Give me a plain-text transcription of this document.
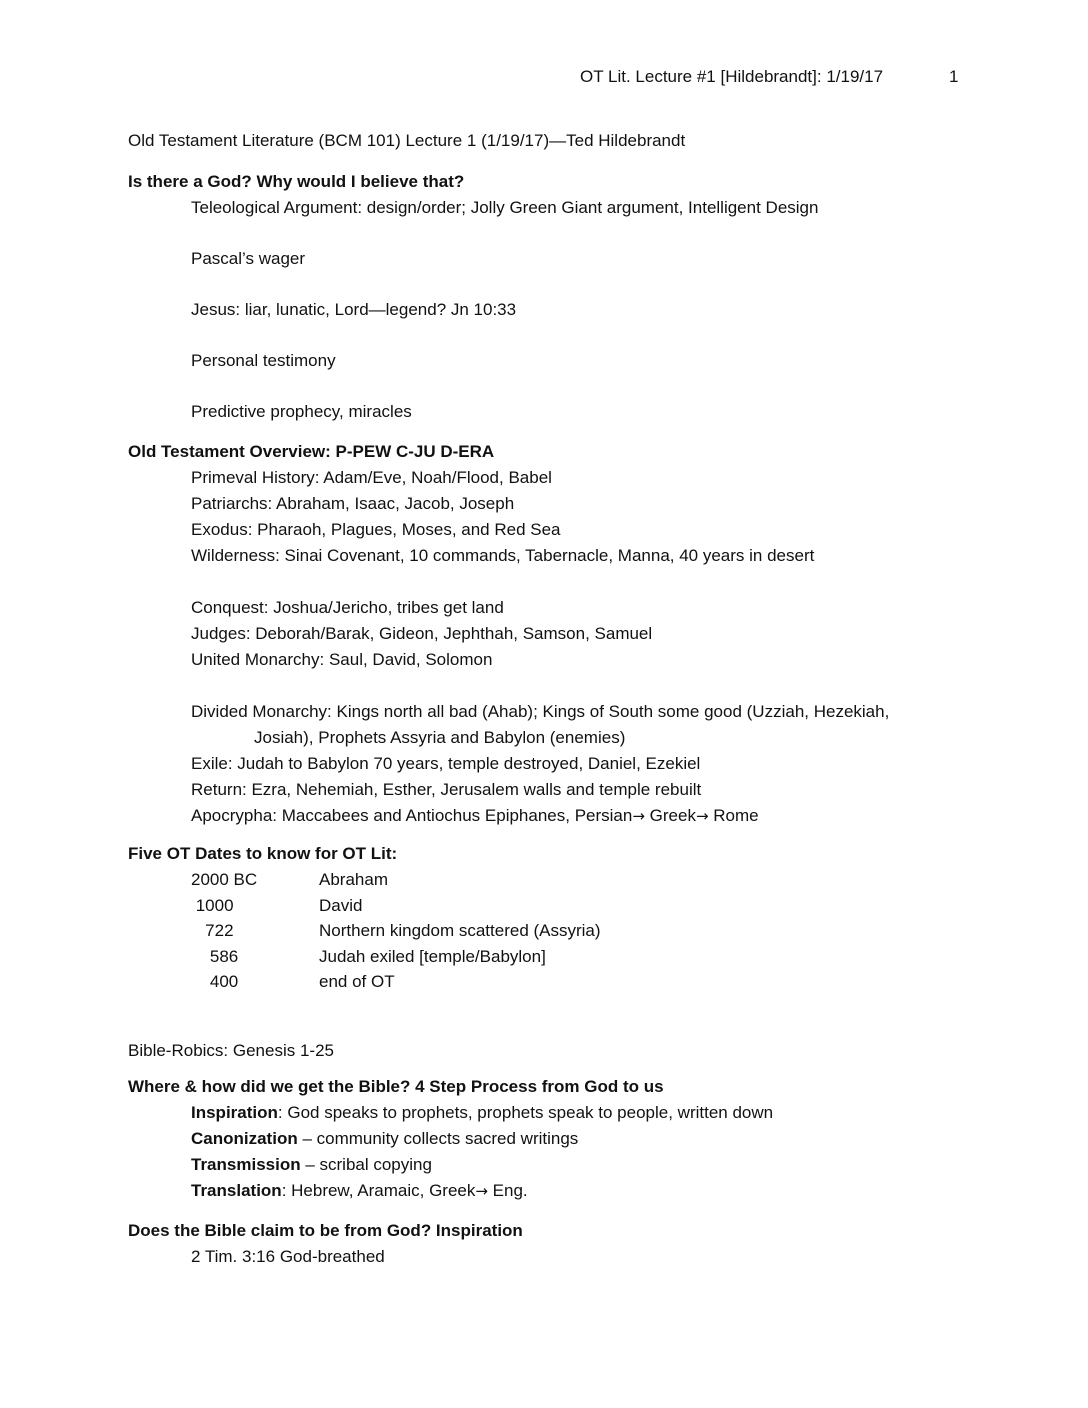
OT Lit. Lecture #1 [Hildebrandt]: 1/19/17	1
Old Testament Literature (BCM 101) Lecture 1 (1/19/17)—Ted Hildebrandt
Is there a God? Why would I believe that?
Teleological Argument: design/order; Jolly Green Giant argument, Intelligent Design
Pascal’s wager
Jesus: liar, lunatic, Lord—legend? Jn 10:33
Personal testimony
Predictive prophecy, miracles
Old Testament Overview: P-PEW C-JU D-ERA
Primeval History: Adam/Eve, Noah/Flood, Babel
Patriarchs: Abraham, Isaac, Jacob, Joseph
Exodus: Pharaoh, Plagues, Moses, and Red Sea
Wilderness: Sinai Covenant, 10 commands, Tabernacle, Manna, 40 years in desert
Conquest: Joshua/Jericho, tribes get land
Judges: Deborah/Barak, Gideon, Jephthah, Samson, Samuel
United Monarchy: Saul, David, Solomon
Divided Monarchy: Kings north all bad (Ahab); Kings of South some good (Uzziah, Hezekiah,
Josiah), Prophets Assyria and Babylon (enemies)
Exile: Judah to Babylon 70 years, temple destroyed, Daniel, Ezekiel
Return: Ezra, Nehemiah, Esther, Jerusalem walls and temple rebuilt
Apocrypha: Maccabees and Antiochus Epiphanes, Persian→ Greek→ Rome
Five OT Dates to know for OT Lit:
2000 BC	Abraham
1000	David
722	Northern kingdom scattered (Assyria)
586	Judah exiled [temple/Babylon]
400	end of OT
Bible-Robics: Genesis 1-25
Where & how did we get the Bible? 4 Step Process from God to us
Inspiration: God speaks to prophets, prophets speak to people, written down
Canonization – community collects sacred writings
Transmission – scribal copying
Translation: Hebrew, Aramaic, Greek→ Eng.
Does the Bible claim to be from God? Inspiration
2 Tim. 3:16 God-breathed
